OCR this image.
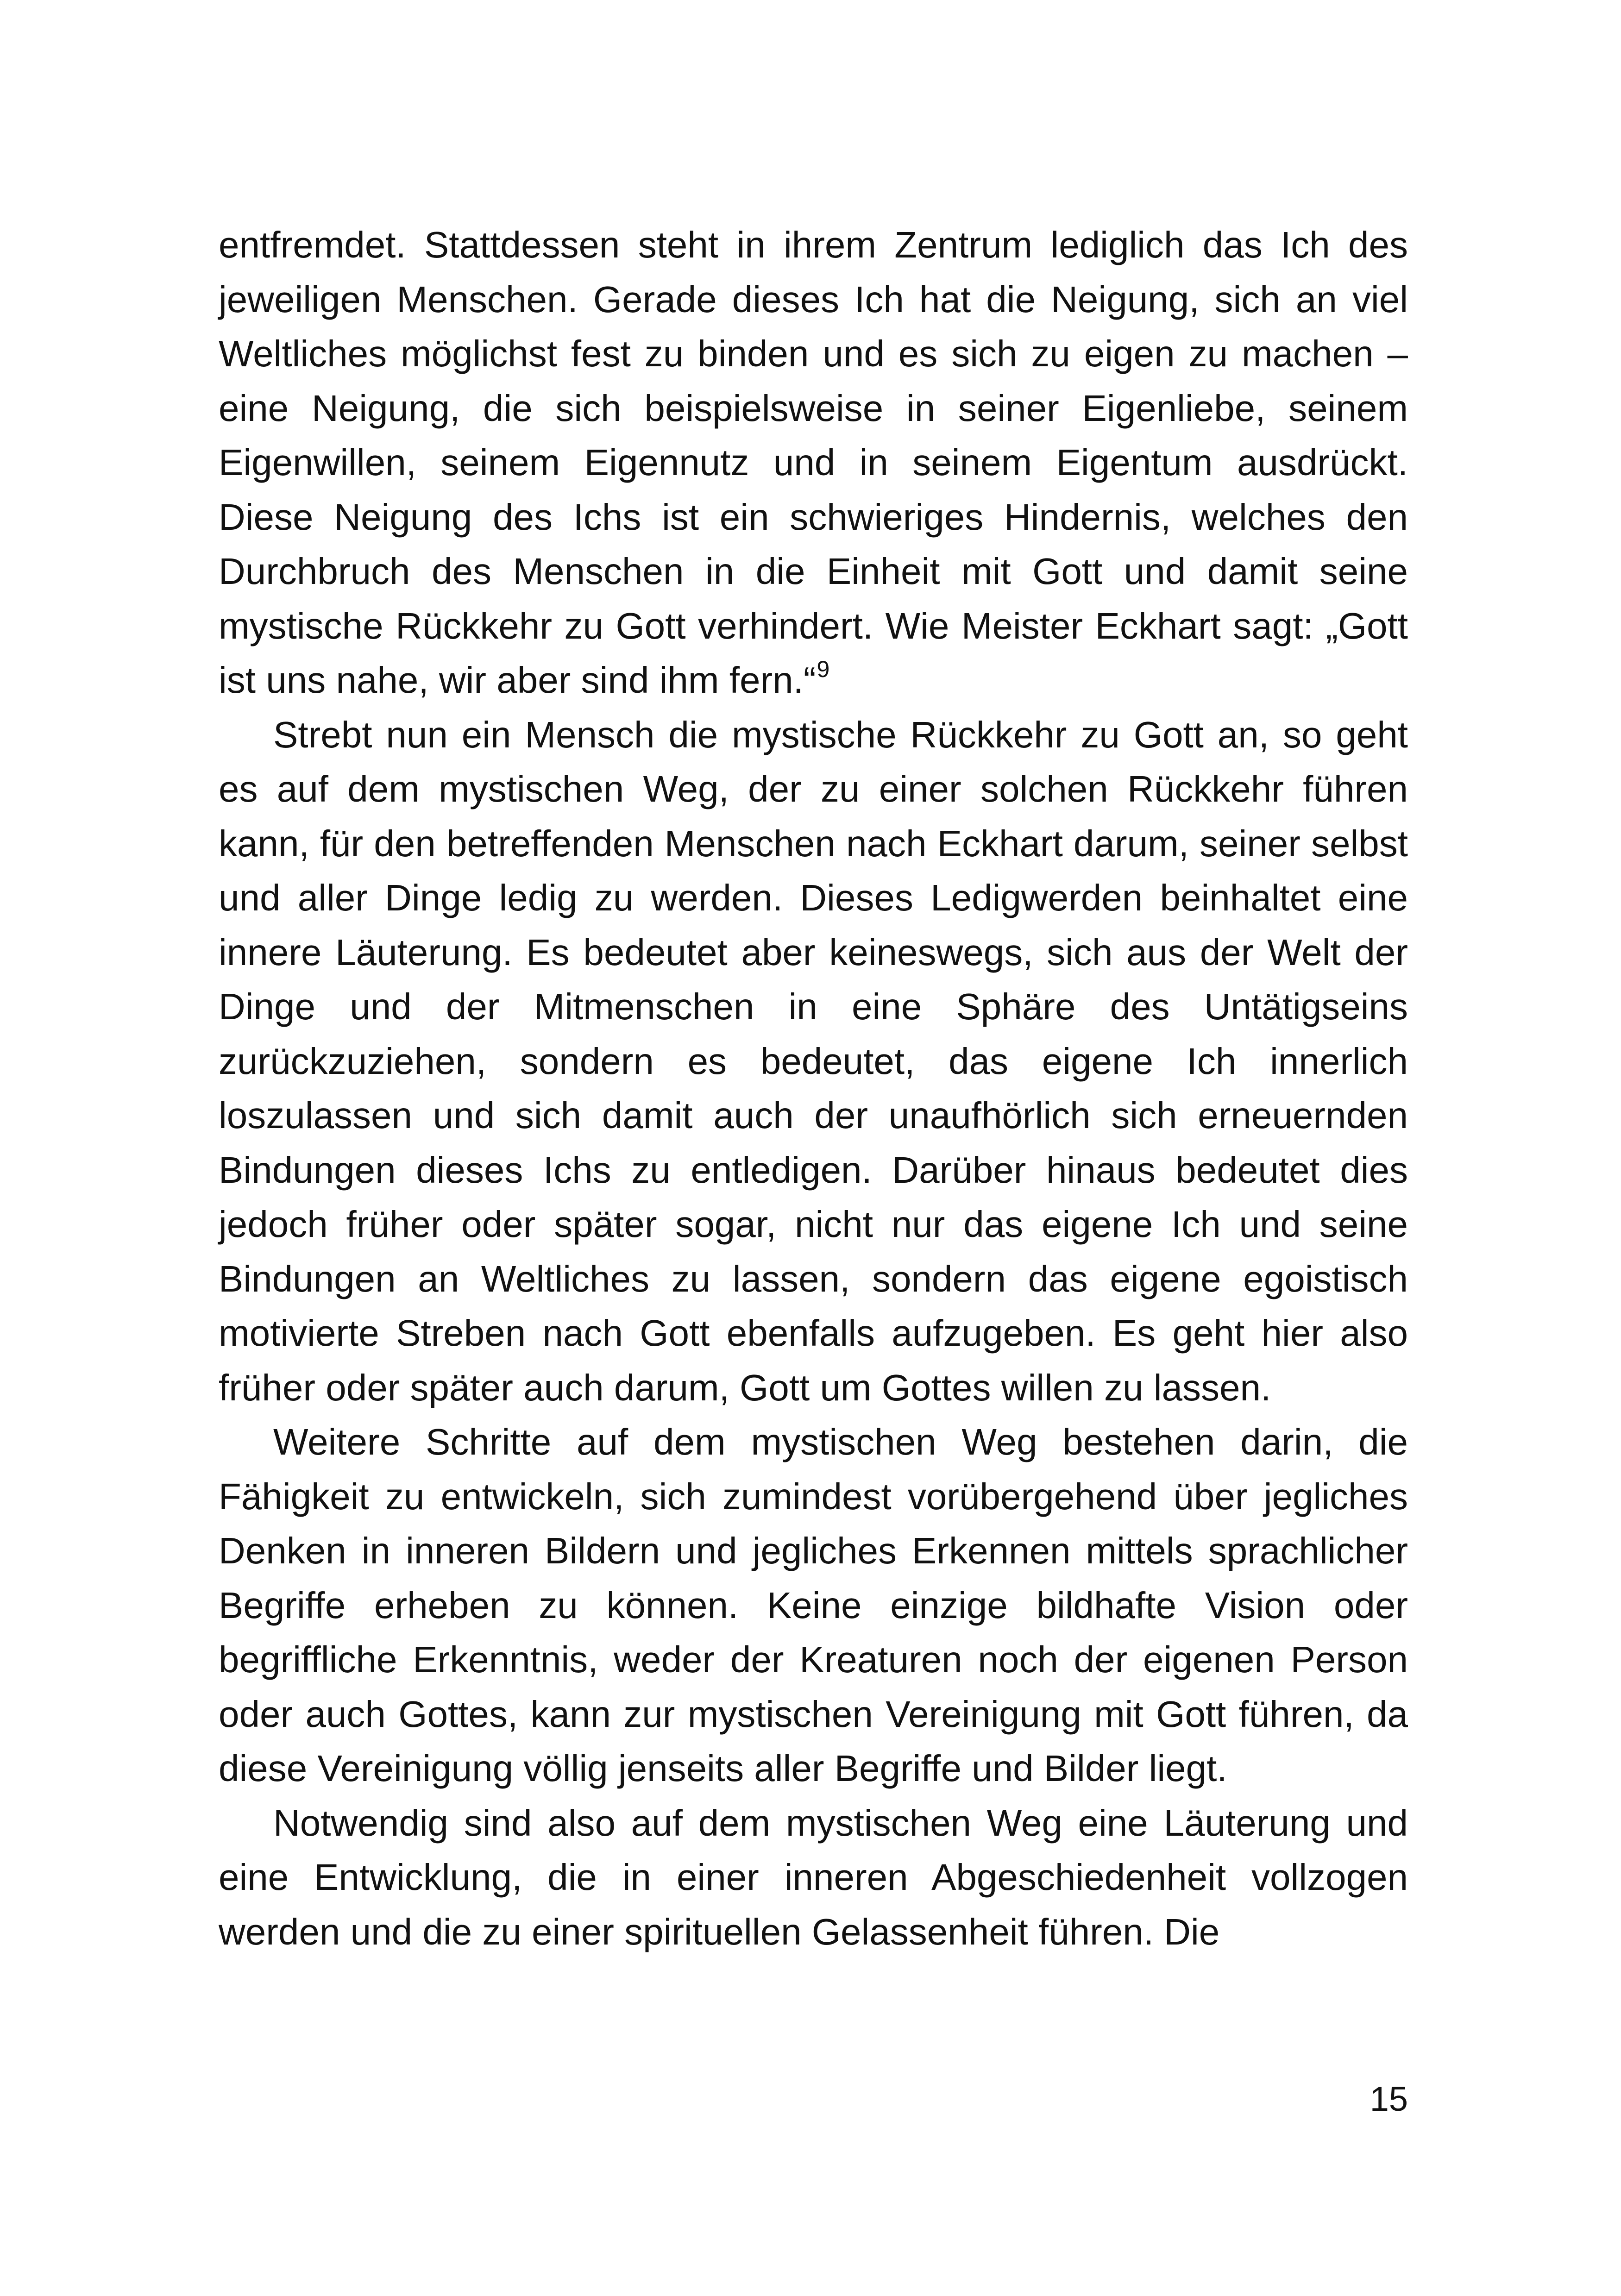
entfremdet. Stattdessen steht in ihrem Zentrum lediglich das Ich des jeweiligen Menschen. Gerade dieses Ich hat die Neigung, sich an viel Weltliches möglichst fest zu binden und es sich zu eigen zu machen – eine Neigung, die sich beispielsweise in seiner Eigenliebe, seinem Eigenwillen, seinem Eigennutz und in seinem Eigentum ausdrückt. Diese Neigung des Ichs ist ein schwieriges Hindernis, welches den Durchbruch des Menschen in die Einheit mit Gott und damit seine mystische Rückkehr zu Gott verhindert. Wie Meister Eckhart sagt: „Gott ist uns nahe, wir aber sind ihm fern.“$^9$

Strebt nun ein Mensch die mystische Rückkehr zu Gott an, so geht es auf dem mystischen Weg, der zu einer solchen Rückkehr führen kann, für den betreffenden Menschen nach Eckhart darum, seiner selbst und aller Dinge ledig zu werden. Dieses Ledigwerden beinhaltet eine innere Läuterung. Es bedeutet aber keineswegs, sich aus der Welt der Dinge und der Mitmenschen in eine Sphäre des Untätigseins zurückzuziehen, sondern es bedeutet, das eigene Ich innerlich loszulassen und sich damit auch der unaufhörlich sich erneuernden Bindungen dieses Ichs zu entledigen. Darüber hinaus bedeutet dies jedoch früher oder später sogar, nicht nur das eigene Ich und seine Bindungen an Weltliches zu lassen, sondern das eigene egoistisch motivierte Streben nach Gott ebenfalls aufzugeben. Es geht hier also früher oder später auch darum, Gott um Gottes willen zu lassen.

Weitere Schritte auf dem mystischen Weg bestehen darin, die Fähigkeit zu entwickeln, sich zumindest vorübergehend über jegliches Denken in inneren Bildern und jegliches Erkennen mittels sprachlicher Begriffe erheben zu können. Keine einzige bildhafte Vision oder begriffliche Erkenntnis, weder der Kreaturen noch der eigenen Person oder auch Gottes, kann zur mystischen Vereinigung mit Gott führen, da diese Vereinigung völlig jenseits aller Begriffe und Bilder liegt.

Notwendig sind also auf dem mystischen Weg eine Läuterung und eine Entwicklung, die in einer inneren Abgeschiedenheit vollzogen werden und die zu einer spirituellen Gelassenheit führen. Die

15
